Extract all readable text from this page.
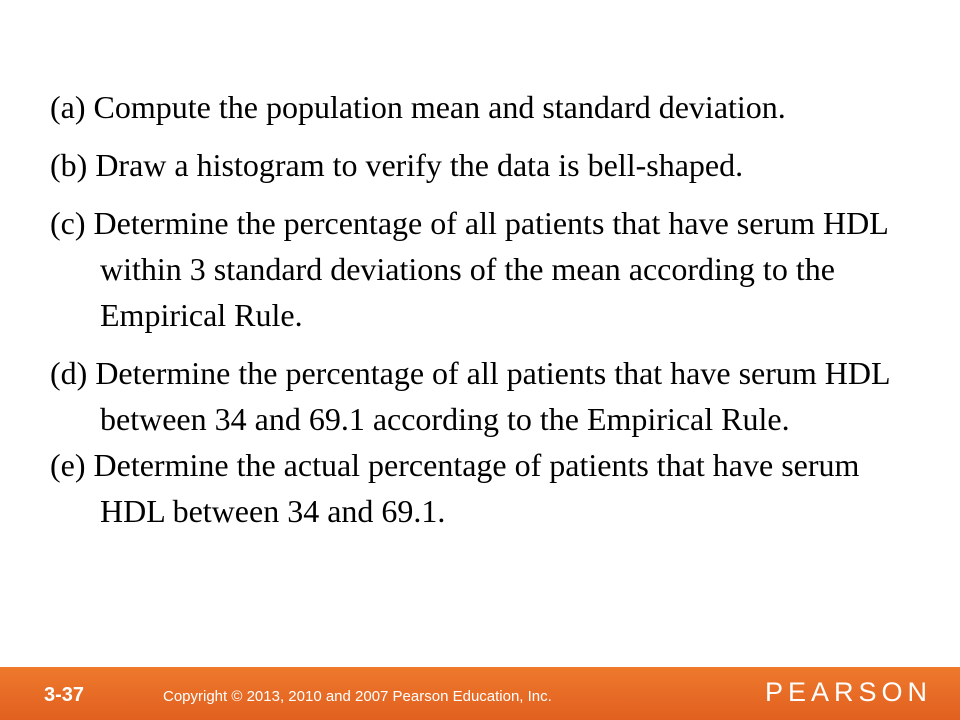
(a) Compute the population mean and standard deviation.

(b) Draw a histogram to verify the data is bell-shaped.

(c) Determine the percentage of all patients that have serum HDL within 3 standard deviations of the mean according to the Empirical Rule.

(d) Determine the percentage of all patients that have serum HDL between 34 and 69.1 according to the Empirical Rule.

(e) Determine the actual percentage of patients that have serum HDL between 34 and 69.1.

3-37	Copyright © 2013, 2010 and 2007 Pearson Education, Inc.	PEARSON
